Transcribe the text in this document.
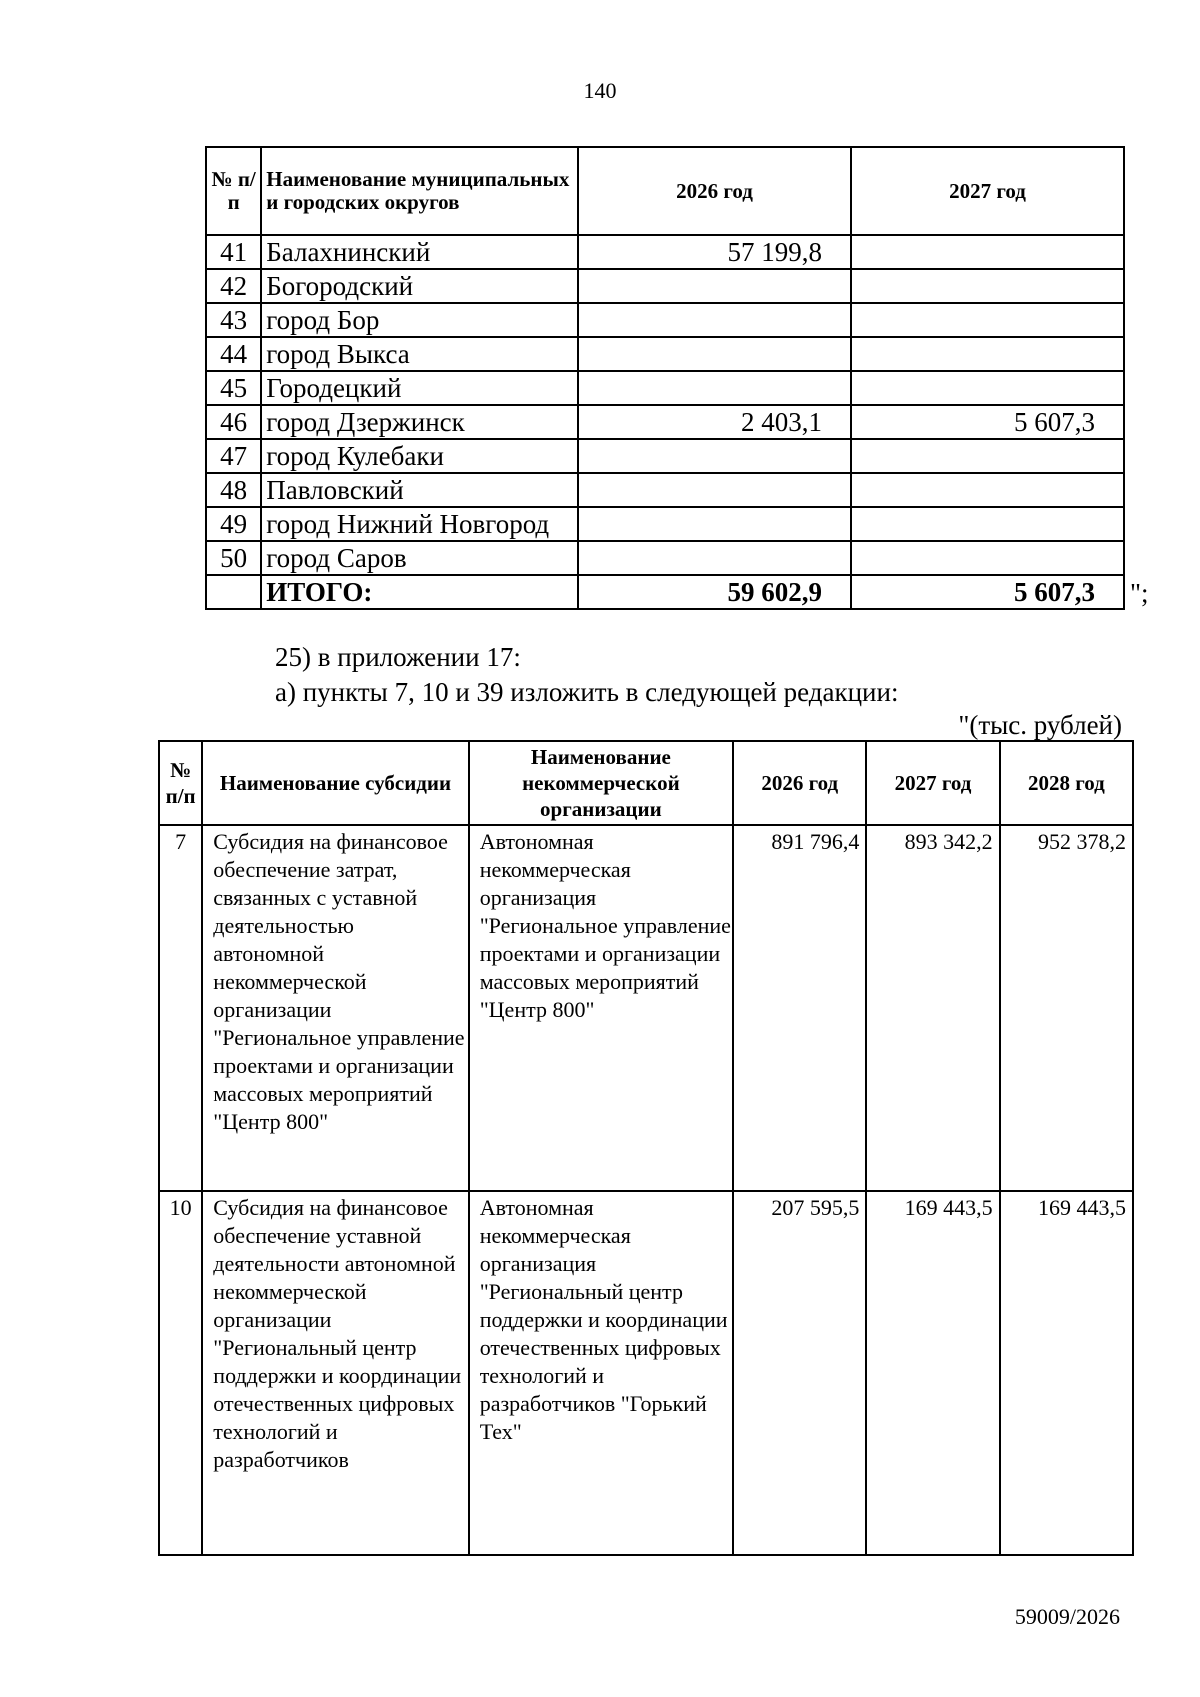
140
№ п/п	Наименование муниципальных и городских округов	2026 год	2027 год
41	Балахнинский	57 199,8	
42	Богородский		
43	город Бор		
44	город Выкса		
45	Городецкий		
46	город Дзержинск	2 403,1	5 607,3
47	город Кулебаки		
48	Павловский		
49	город Нижний Новгород		
50	город Саров		
	ИТОГО:	59 602,9	5 607,3 ";
25) в приложении 17:
а) пункты 7, 10 и 39 изложить в следующей редакции:
"(тыс. рублей)
№ п/п	Наименование субсидии	Наименование некоммерческой организации	2026 год	2027 год	2028 год
7	Субсидия на финансовое обеспечение затрат, связанных с уставной деятельностью автономной некоммерческой организации "Региональное управление проектами и организации массовых мероприятий "Центр 800"	Автономная некоммерческая организация "Региональное управление проектами и организации массовых мероприятий "Центр 800"	891 796,4	893 342,2	952 378,2
10	Субсидия на финансовое обеспечение уставной деятельности автономной некоммерческой организации "Региональный центр поддержки и координации отечественных цифровых технологий и разработчиков	Автономная некоммерческая организация "Региональный центр поддержки и координации отечественных цифровых технологий и разработчиков "Горький Тех"	207 595,5	169 443,5	169 443,5
59009/2026
